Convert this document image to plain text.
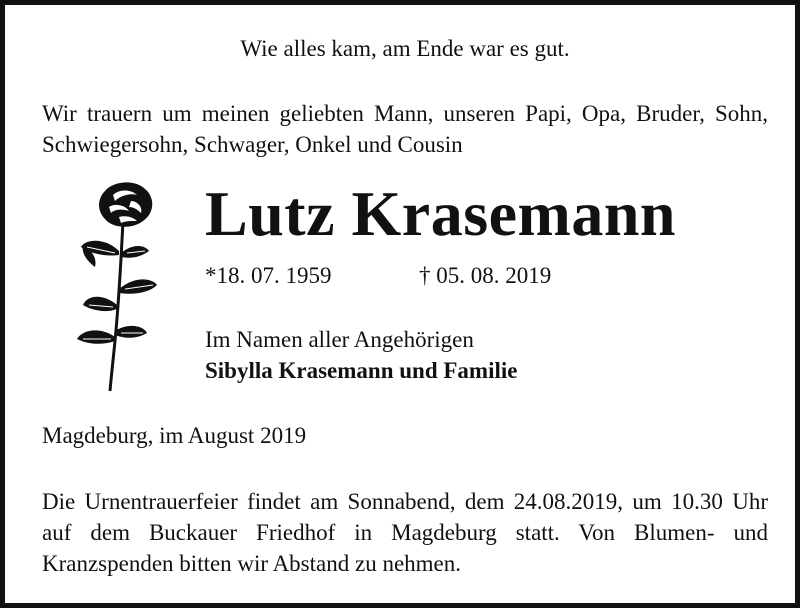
Wie alles kam, am Ende war es gut.
Wir trauern um meinen geliebten Mann, unseren Papi, Opa, Bruder, Sohn, Schwiegersohn, Schwager, Onkel und Cousin
Lutz Krasemann
*18. 07. 1959	† 05. 08. 2019
Im Namen aller Angehörigen
Sibylla Krasemann und Familie
Magdeburg, im August 2019
Die Urnentrauerfeier findet am Sonnabend, dem 24.08.2019, um 10.30 Uhr auf dem Buckauer Friedhof in Magdeburg statt. Von Blumen- und Kranzspenden bitten wir Abstand zu nehmen.
